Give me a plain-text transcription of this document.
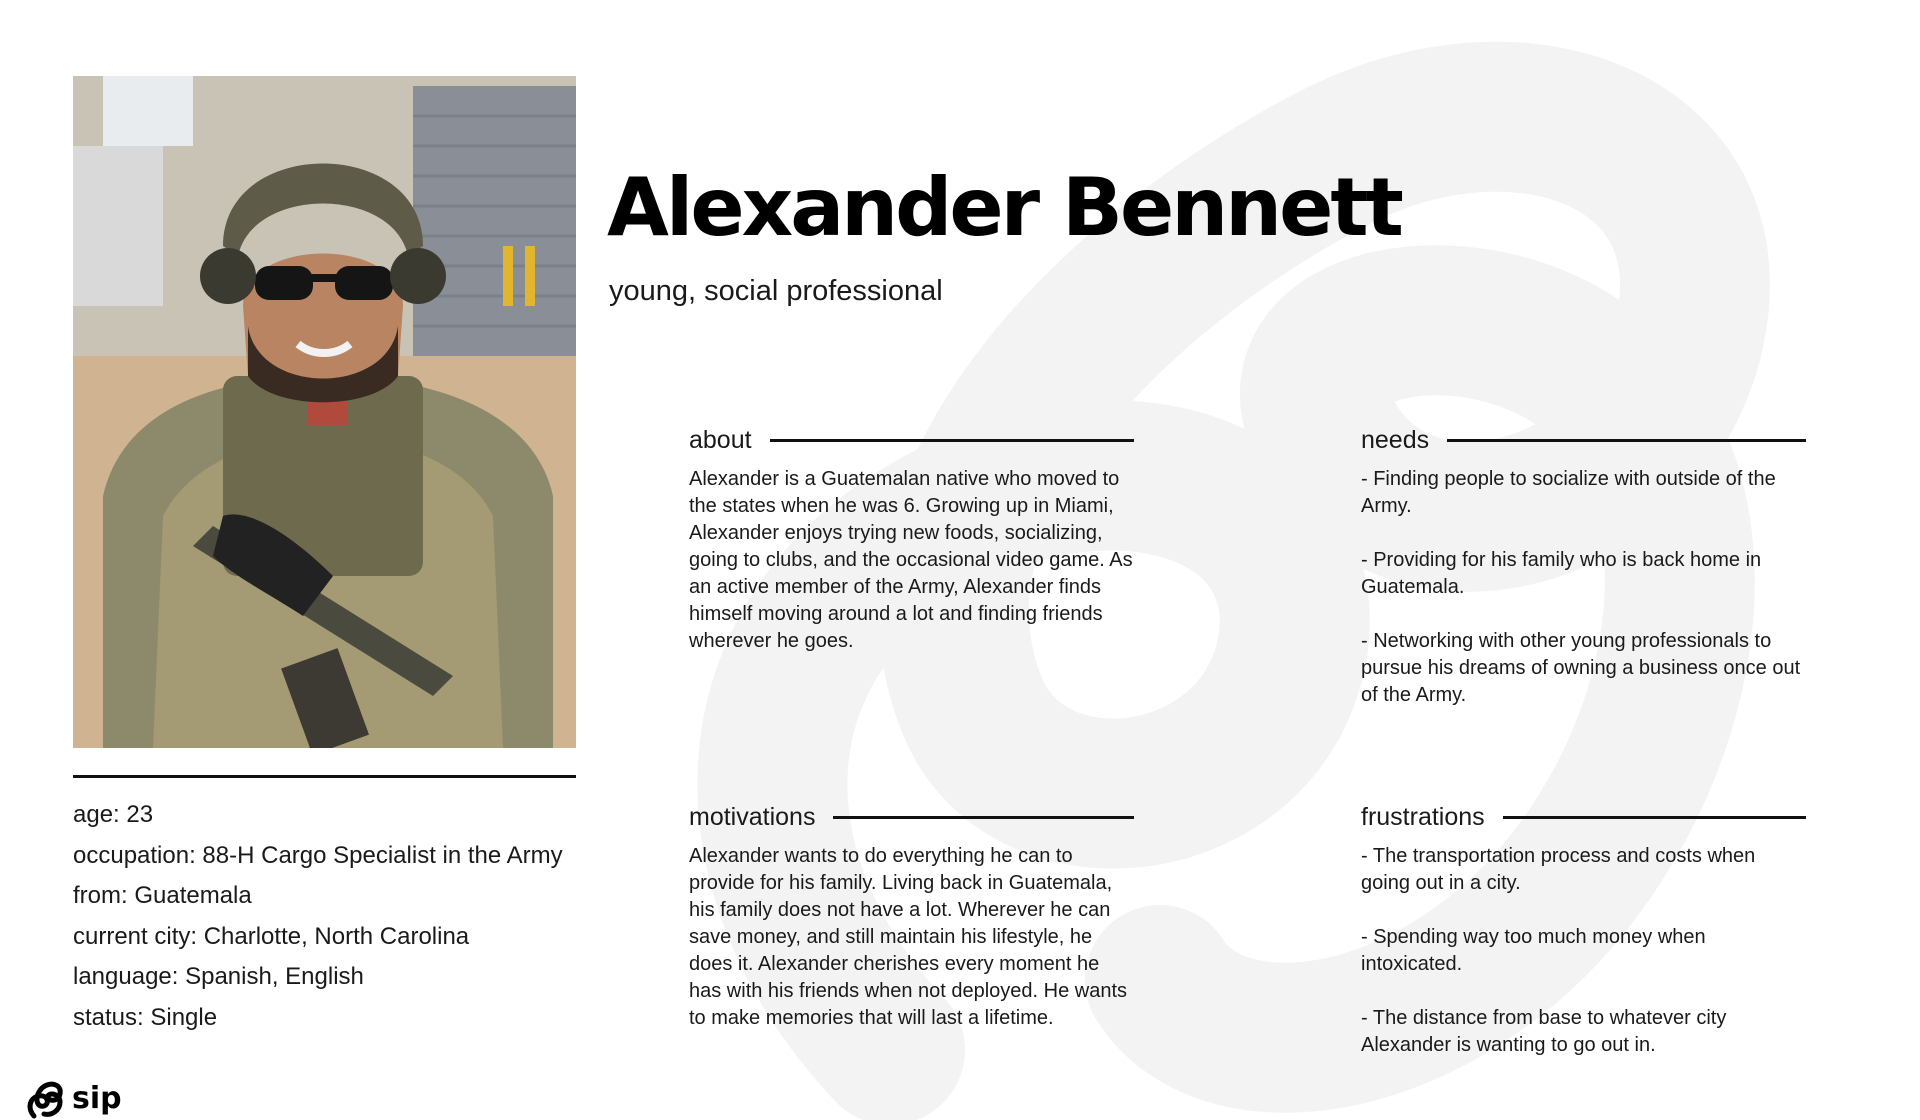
age: 23
occupation: 88-H Cargo Specialist in the Army
from: Guatemala
current city: Charlotte, North Carolina
language: Spanish, English
status: Single
Alexander Bennett
young, social professional
about
Alexander is a Guatemalan native who moved to the states when he was 6. Growing up in Miami, Alexander enjoys trying new foods, socializing, going to clubs, and the occasional video game. As an active member of the Army, Alexander finds himself moving around a lot and finding friends wherever he goes.
needs
- Finding people to socialize with outside of the Army.

- Providing for his family who is back home in Guatemala.

- Networking with other young professionals to pursue his dreams of owning a business once out of the Army.
motivations
Alexander wants to do everything he can to provide for his family. Living back in Guatemala, his family does not have a lot. Wherever he can save money, and still maintain his lifestyle, he does it. Alexander cherishes every moment he has with his friends when not deployed. He wants to make memories that will last a lifetime.
frustrations
- The transportation process and costs when going out in a city.

- Spending way too much money when intoxicated.

- The distance from base to whatever city Alexander is wanting to go out in.
sip
